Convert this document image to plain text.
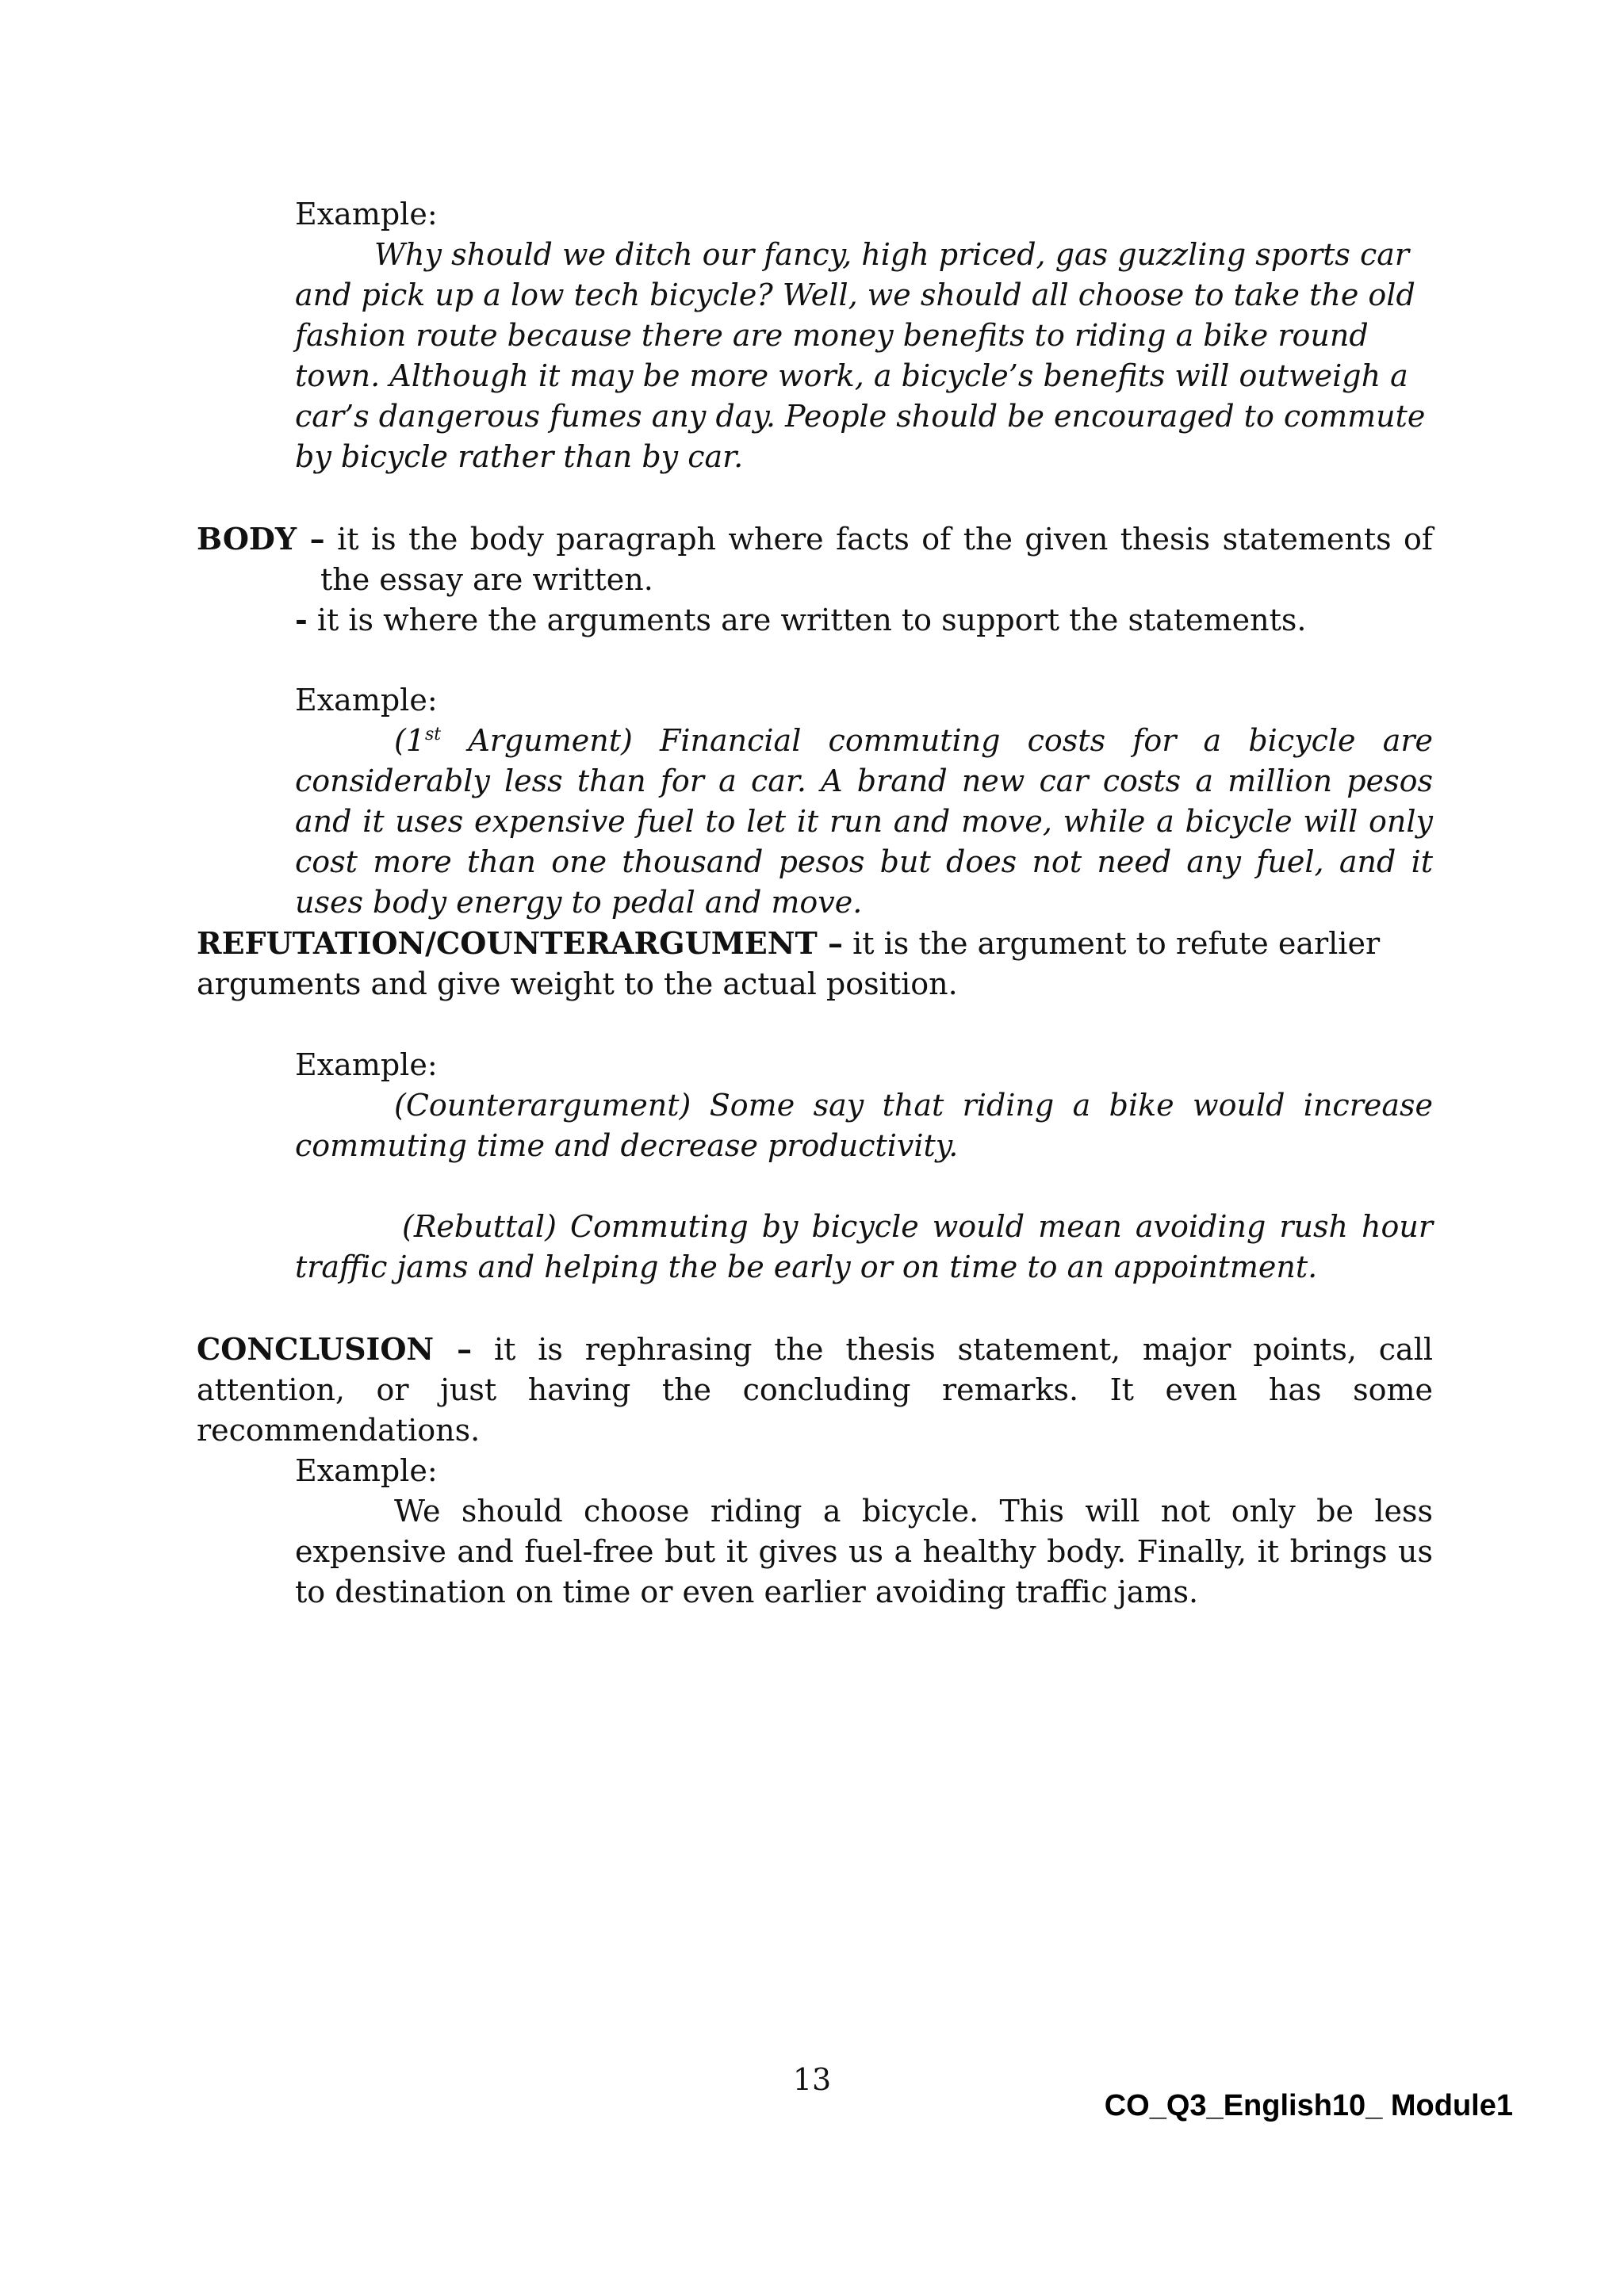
Example:

Why should we ditch our fancy, high priced, gas guzzling sports car and pick up a low tech bicycle? Well, we should all choose to take the old fashion route because there are money benefits to riding a bike round town. Although it may be more work, a bicycle’s benefits will outweigh a car’s dangerous fumes any day. People should be encouraged to commute by bicycle rather than by car.

BODY – it is the body paragraph where facts of the given thesis statements of the essay are written.
- it is where the arguments are written to support the statements.
Example:

(1st Argument) Financial commuting costs for a bicycle are considerably less than for a car. A brand new car costs a million pesos and it uses expensive fuel to let it run and move, while a bicycle will only cost more than one thousand pesos but does not need any fuel, and it uses body energy to pedal and move.

REFUTATION/COUNTERARGUMENT – it is the argument to refute earlier arguments and give weight to the actual position.

Example:

(Counterargument) Some say that riding a bike would increase commuting time and decrease productivity.

(Rebuttal) Commuting by bicycle would mean avoiding rush hour traffic jams and helping the be early or on time to an appointment.

CONCLUSION – it is rephrasing the thesis statement, major points, call attention, or just having the concluding remarks. It even has some recommendations.

Example:

We should choose riding a bicycle. This will not only be less expensive and fuel-free but it gives us a healthy body. Finally, it brings us to destination on time or even earlier avoiding traffic jams.

13
CO_Q3_English10_ Module1
